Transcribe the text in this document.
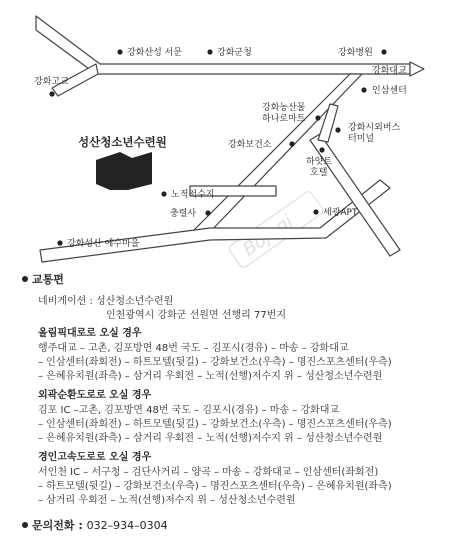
성산청소년수련원
강화산성 서문	강화군청	강화병원
강화대교
강화고교
인삼센터
강화농산물
하나로마트
강화시외버스
터미널
강화보건소
하얏트
호텔
노적저수지
충렬사	세광APT
강화성산 예수마을
교통편
네비게이션 : 성산청소년수련원
인천광역시 강화군 선원면 선행리 77번지
올림픽대로로 오실 경우
행주대교 – 고촌, 김포방면 48번 국도 – 김포시(경유) – 마송 – 강화대교
– 인삼센터(좌회전) – 하트모텔(뒷길) – 강화보건소(우측) – 명진스포츠센터(우측)
– 은혜유치원(좌측) – 삼거리 우회전 – 노적(선행)저수지 위 – 성산청소년수련원
외곽순환도로로 오실 경우
김포 IC –고촌, 김포방면 48번 국도 – 김포시(경유) – 마송 – 강화대교
– 인삼센터(좌회전) – 하트모텔(뒷길) – 강화보건소(우측) – 명진스포츠센터(우측)
– 은혜유치원(좌측) – 삼거리 우회전 – 노적(선행)저수지 위 – 성산청소년수련원
경인고속도로로 오실 경우
서인천 IC – 서구청 – 검단사거리 – 양곡 – 마송 – 강화대교 – 인삼센터(좌회전)
– 하트모텔(뒷길) – 강화보건소(우측) – 명진스포츠센터(우측) – 은혜유치원(좌측)
– 삼거리 우회전 – 노적(선행)저수지 위 – 성산청소년수련원
문의전화 : 032–934–0304
